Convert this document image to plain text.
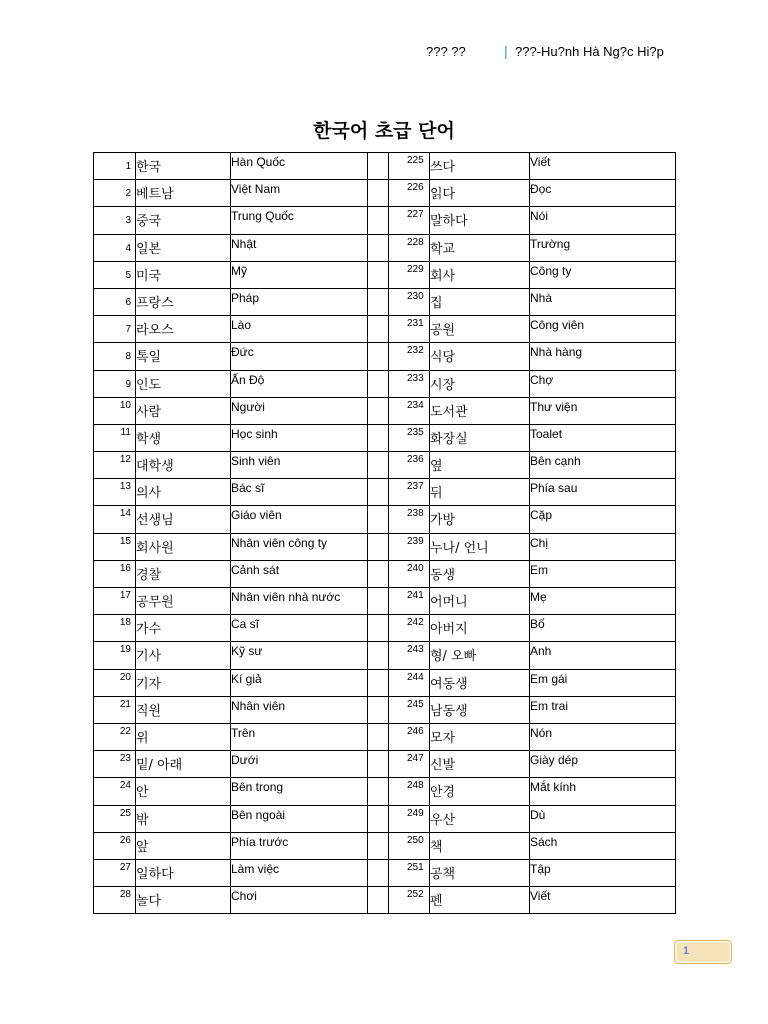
??? ??	| ???-Hu?nh Hà Ng?c Hi?p
한국어 초급 단어
1	한국	Hàn Quốc		225	쓰다	Viết

2	베트남	Việt Nam		226	읽다	Đọc

3	중국	Trung Quốc		227	말하다	Nói

4	일본	Nhật		228	학교	Trường

5	미국	Mỹ		229	회사	Công ty

6	프랑스	Pháp		230	집	Nhà

7	라오스	Lào		231	공원	Công viên

8	톡일	Đức		232	식당	Nhà hàng

9	인도	Ấn Độ		233	시장	Chợ

10	사람	Người		234	도서관	Thư viện

11	학생	Học sinh		235	화장실	Toalet

12	대학생	Sinh viên		236	옆	Bên cạnh

13	의사	Bác sĩ		237	뒤	Phía sau

14	선생님	Giáo viên		238	가방	Cặp

15	회사원	Nhân viên công ty		239	누나/ 언니	Chị

16	경찰	Cảnh sát		240	동생	Em

17	공무원	Nhân viên nhà nước		241	어머니	Mẹ

18	가수	Ca sĩ		242	아버지	Bố

19	기사	Kỹ sư		243	형/ 오빠	Anh

20	기자	Kí giả		244	여동생	Em gái

21	직원	Nhân viên		245	남동생	Em trai

22	위	Trên		246	모자	Nón

23	밑/ 아래	Dưới		247	신발	Giày dép

24	안	Bên trong		248	안경	Mắt kính

25	밖	Bên ngoài		249	우산	Dù

26	앞	Phía trước		250	책	Sách

27	일하다	Làm việc		251	공책	Tập

28	놀다	Chơi		252	펜	Viết
1
